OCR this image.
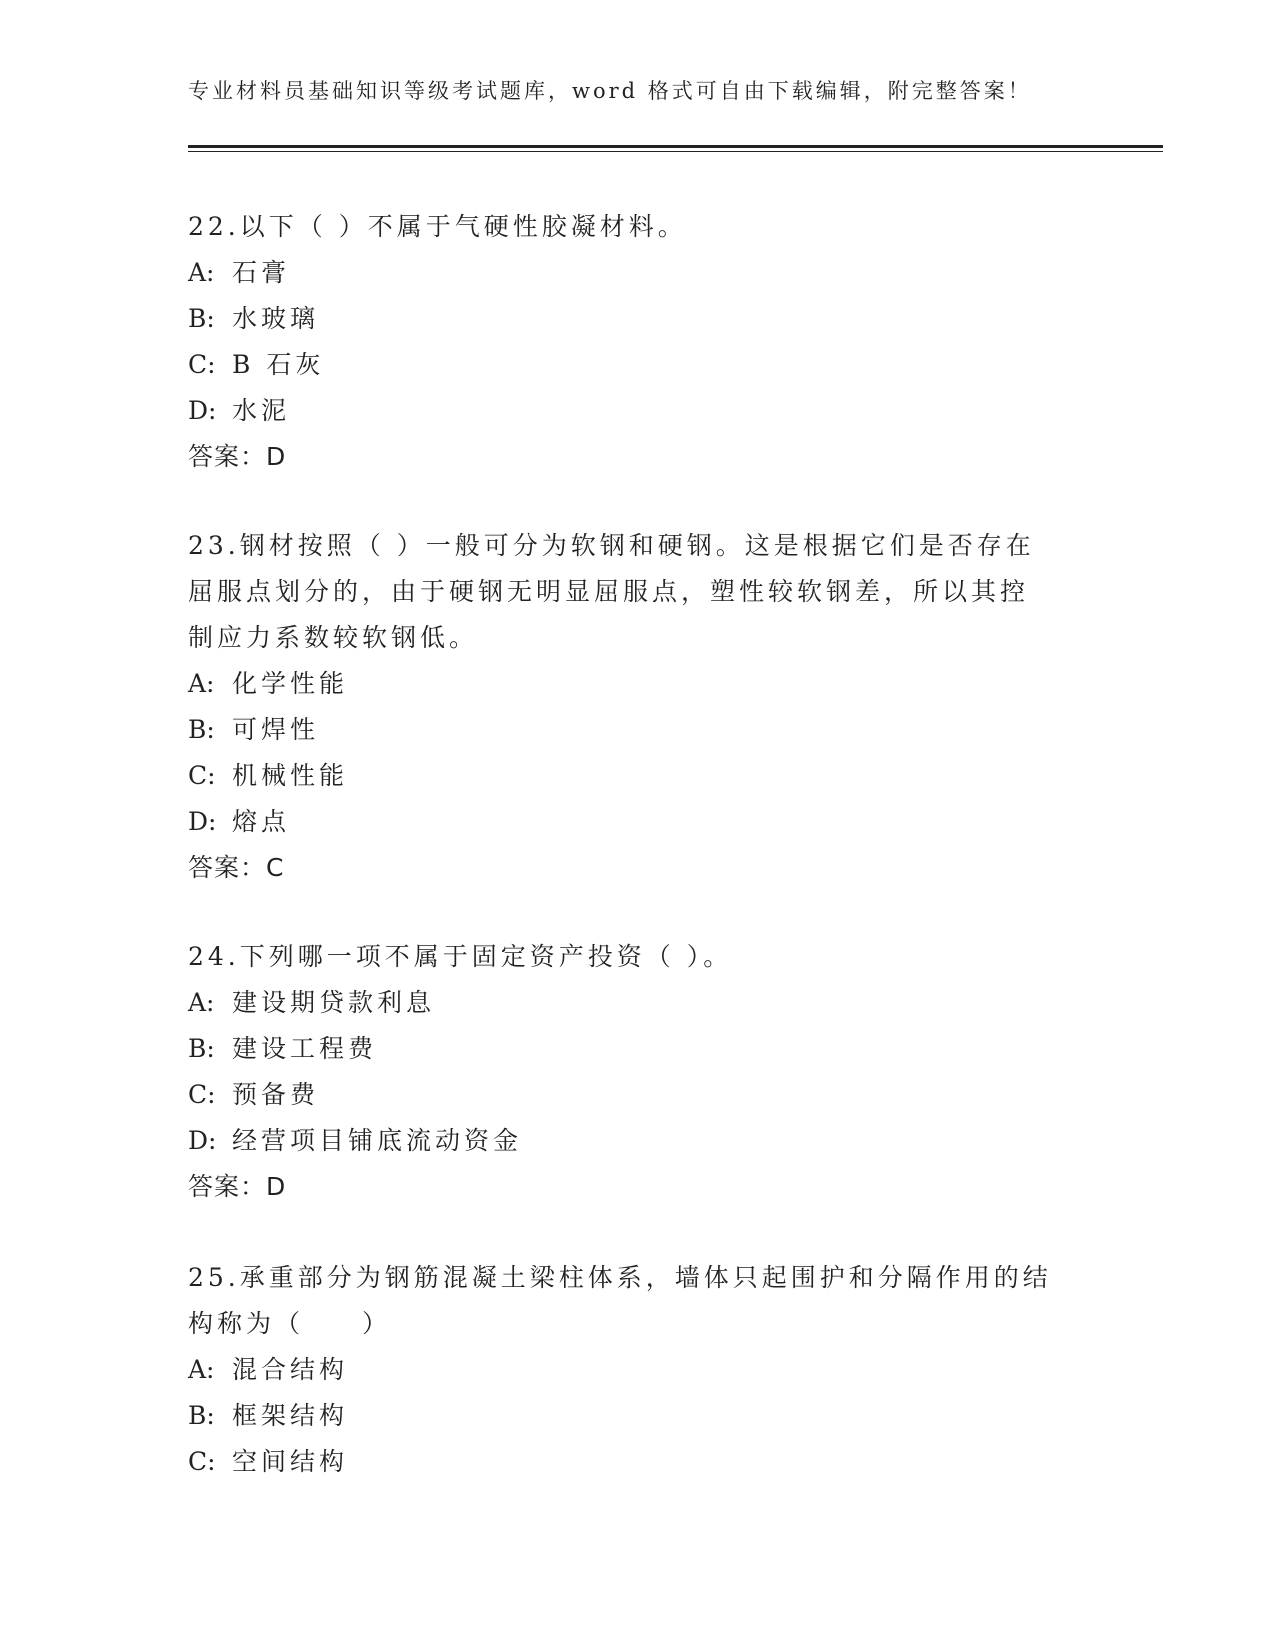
专业材料员基础知识等级考试题库，word 格式可自由下载编辑，附完整答案！

22.以下（ ）不属于气硬性胶凝材料。

A: 石膏
B: 水玻璃
C: B 石灰
D: 水泥
答案：D

23.钢材按照（ ）一般可分为软钢和硬钢。这是根据它们是否存在屈服点划分的，由于硬钢无明显屈服点，塑性较软钢差，所以其控制应力系数较软钢低。

A: 化学性能
B: 可焊性
C: 机械性能
D: 熔点
答案：C

24.下列哪一项不属于固定资产投资（ ）。

A: 建设期贷款利息
B: 建设工程费
C: 预备费
D: 经营项目铺底流动资金
答案：D

25.承重部分为钢筋混凝土梁柱体系，墙体只起围护和分隔作用的结构称为（　　）

A: 混合结构
B: 框架结构
C: 空间结构
